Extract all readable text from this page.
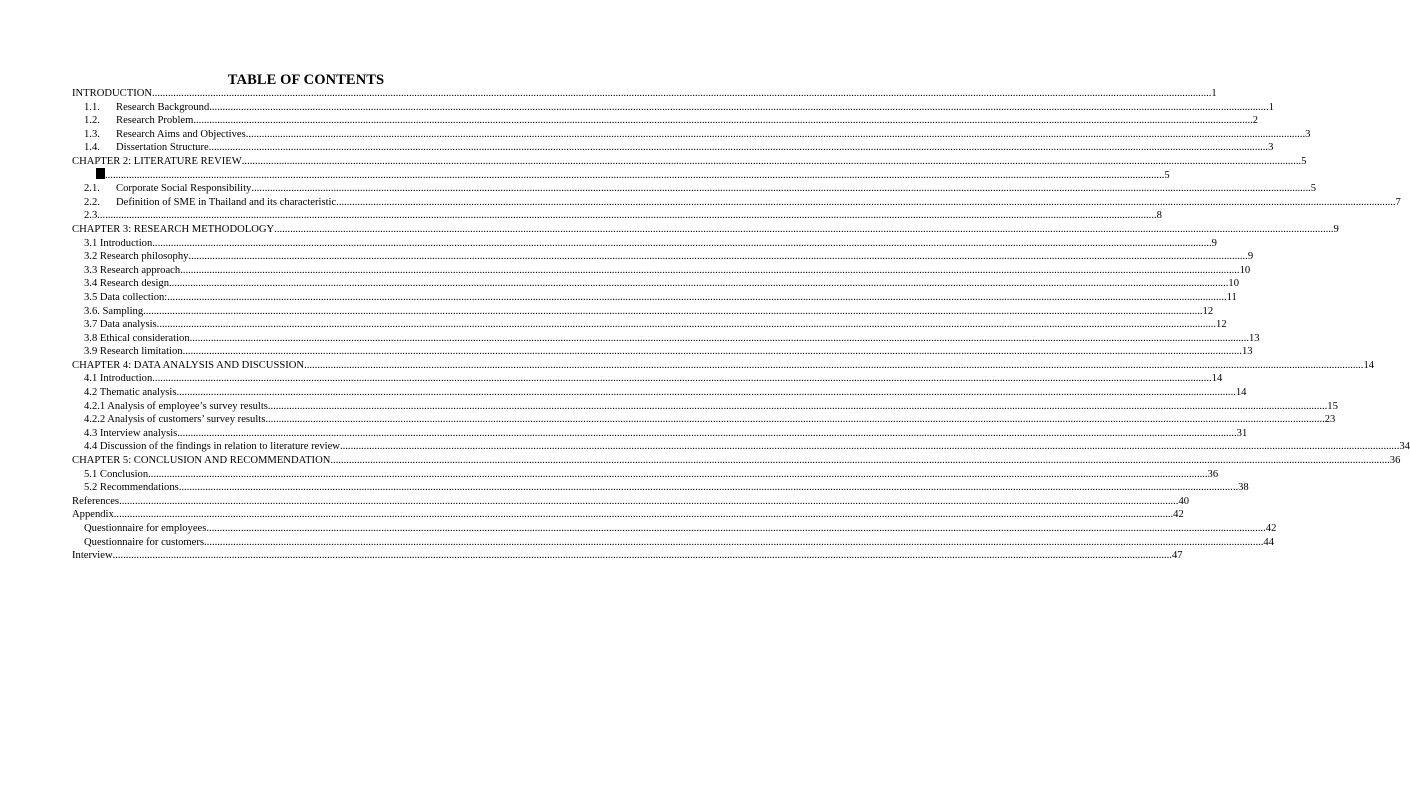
TABLE OF CONTENTS
INTRODUCTION ................................................................................................................................................................................................................................................................................................................................................................................................................ 1
1.1. Research Background ................................................................................................................................................................................................................................................................................................................................................................................................................ 1
1.2. Research Problem ................................................................................................................................................................................................................................................................................................................................................................................................................ 2
1.3. Research Aims and Objectives ................................................................................................................................................................................................................................................................................................................................................................................................................ 3
1.4. Dissertation Structure ................................................................................................................................................................................................................................................................................................................................................................................................................ 3
CHAPTER 2: LITERATURE REVIEW ................................................................................................................................................................................................................................................................................................................................................................................................................ 5
................................................................................................................................................................................................................................................................................................................................................................................................................ 5
2.1. Corporate Social Responsibility ................................................................................................................................................................................................................................................................................................................................................................................................................ 5
2.2. Definition of SME in Thailand and its characteristic ................................................................................................................................................................................................................................................................................................................................................................................................................ 7
2.3 ................................................................................................................................................................................................................................................................................................................................................................................................................ 8
CHAPTER 3: RESEARCH METHODOLOGY ................................................................................................................................................................................................................................................................................................................................................................................................................ 9
3.1 Introduction ................................................................................................................................................................................................................................................................................................................................................................................................................ 9
3.2 Research philosophy ................................................................................................................................................................................................................................................................................................................................................................................................................ 9
3.3 Research approach ................................................................................................................................................................................................................................................................................................................................................................................................................ 10
3.4 Research design ................................................................................................................................................................................................................................................................................................................................................................................................................ 10
3.5 Data collection: ................................................................................................................................................................................................................................................................................................................................................................................................................ 11
3.6. Sampling ................................................................................................................................................................................................................................................................................................................................................................................................................ 12
3.7 Data analysis ................................................................................................................................................................................................................................................................................................................................................................................................................ 12
3.8 Ethical consideration ................................................................................................................................................................................................................................................................................................................................................................................................................ 13
3.9 Research limitation ................................................................................................................................................................................................................................................................................................................................................................................................................ 13
CHAPTER 4: DATA ANALYSIS AND DISCUSSION ................................................................................................................................................................................................................................................................................................................................................................................................................ 14
4.1 Introduction ................................................................................................................................................................................................................................................................................................................................................................................................................ 14
4.2 Thematic analysis ................................................................................................................................................................................................................................................................................................................................................................................................................ 14
4.2.1 Analysis of employee’s survey results ................................................................................................................................................................................................................................................................................................................................................................................................................ 15
4.2.2 Analysis of customers’ survey results ................................................................................................................................................................................................................................................................................................................................................................................................................ 23
4.3 Interview analysis ................................................................................................................................................................................................................................................................................................................................................................................................................ 31
4.4 Discussion of the findings in relation to literature review ................................................................................................................................................................................................................................................................................................................................................................................................................ 34
CHAPTER 5: CONCLUSION AND RECOMMENDATION ................................................................................................................................................................................................................................................................................................................................................................................................................ 36
5.1 Conclusion ................................................................................................................................................................................................................................................................................................................................................................................................................ 36
5.2 Recommendations ................................................................................................................................................................................................................................................................................................................................................................................................................ 38
References ................................................................................................................................................................................................................................................................................................................................................................................................................ 40
Appendix ................................................................................................................................................................................................................................................................................................................................................................................................................ 42
Questionnaire for employees ................................................................................................................................................................................................................................................................................................................................................................................................................ 42
Questionnaire for customers ................................................................................................................................................................................................................................................................................................................................................................................................................ 44
Interview ................................................................................................................................................................................................................................................................................................................................................................................................................ 47
